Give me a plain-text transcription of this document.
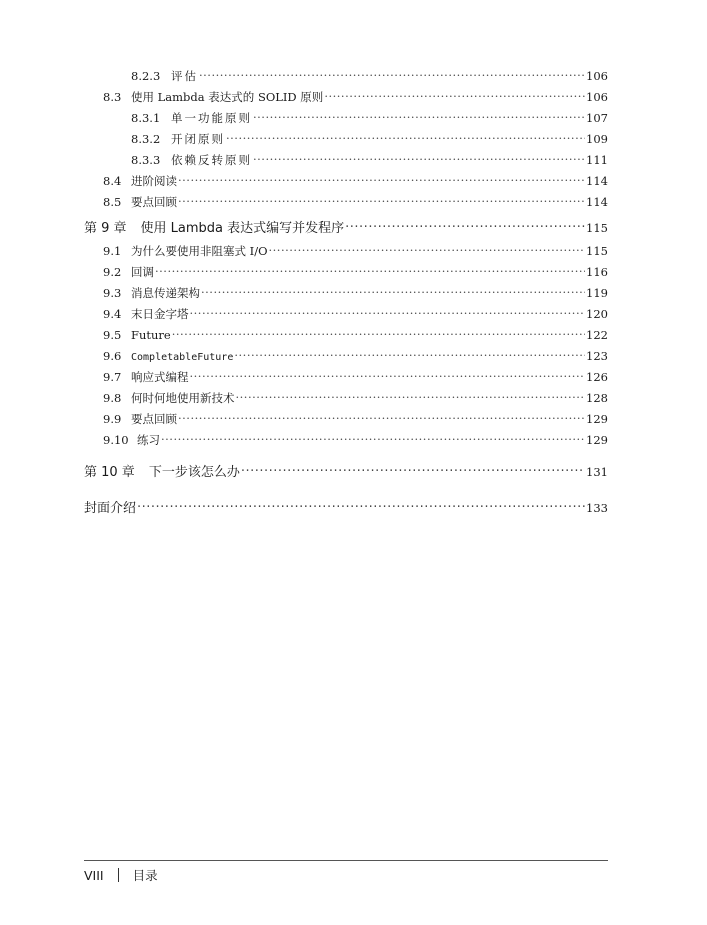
8.2.3 评估 ·····	106
8.3 使用 Lambda 表达式的 SOLID 原则 ·····	106
8.3.1 单一功能原则 ·····	107
8.3.2 开闭原则 ·····	109
8.3.3 依赖反转原则 ·····	111
8.4 进阶阅读 ·····	114
8.5 要点回顾 ·····	114
第 9 章 使用 Lambda 表达式编写并发程序 ·····	115
9.1 为什么要使用非阻塞式 I/O ·····	115
9.2 回调 ·····	116
9.3 消息传递架构 ·····	119
9.4 末日金字塔 ·····	120
9.5 Future ·····	122
9.6 CompletableFuture ·····	123
9.7 响应式编程 ·····	126
9.8 何时何地使用新技术 ·····	128
9.9 要点回顾 ·····	129
9.10 练习 ·····	129
第 10 章 下一步该怎么办 ·····	131
封面介绍 ·····	133
VIII 目录
